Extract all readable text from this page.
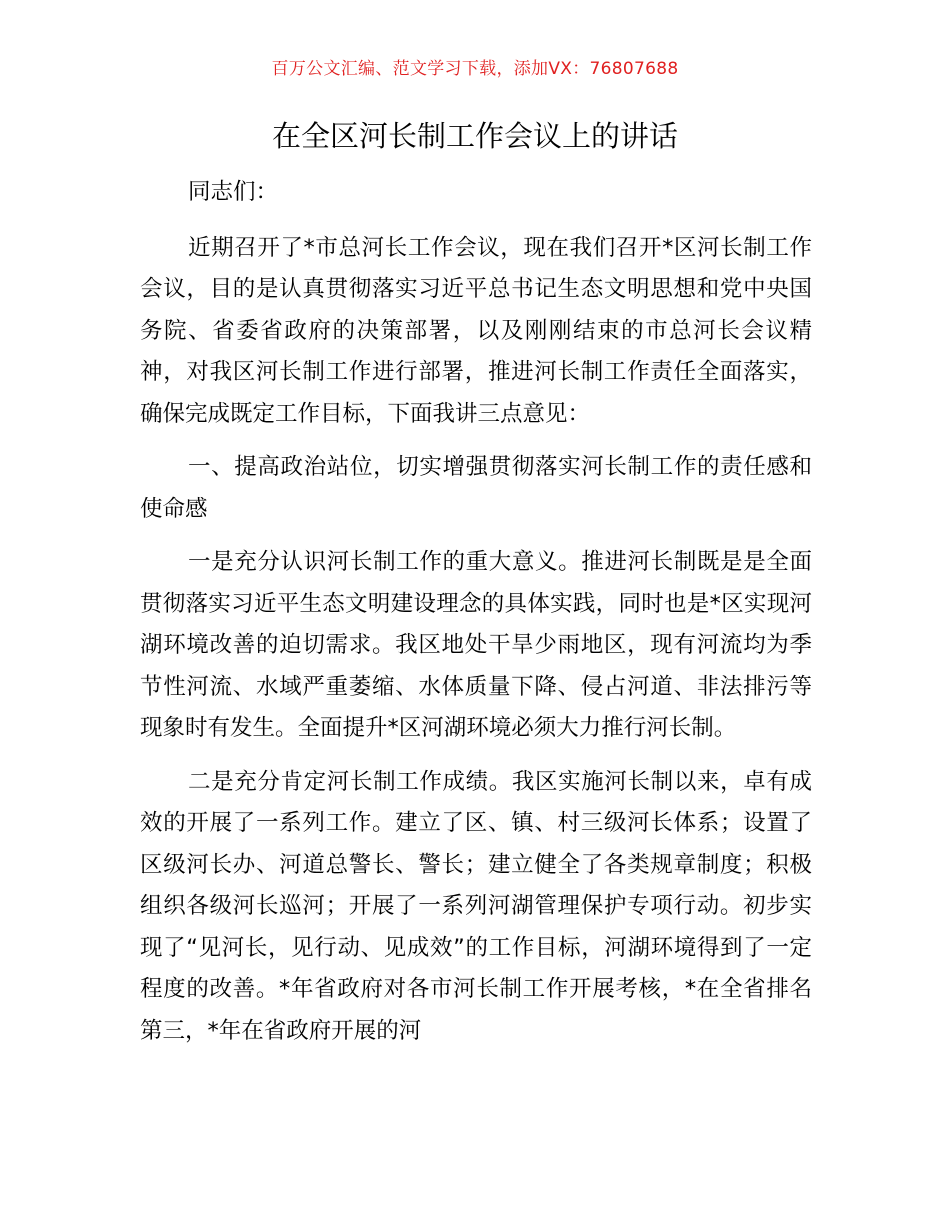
百万公文汇编、范文学习下载，添加VX：76807688
在全区河长制工作会议上的讲话

同志们：

近期召开了*市总河长工作会议，现在我们召开*区河长制工作会议，目的是认真贯彻落实习近平总书记生态文明思想和党中央国务院、省委省政府的决策部署，以及刚刚结束的市总河长会议精神，对我区河长制工作进行部署，推进河长制工作责任全面落实，确保完成既定工作目标，下面我讲三点意见：

一、提高政治站位，切实增强贯彻落实河长制工作的责任感和使命感

一是充分认识河长制工作的重大意义。推进河长制既是是全面贯彻落实习近平生态文明建设理念的具体实践，同时也是*区实现河湖环境改善的迫切需求。我区地处干旱少雨地区，现有河流均为季节性河流、水域严重萎缩、水体质量下降、侵占河道、非法排污等现象时有发生。全面提升*区河湖环境必须大力推行河长制。

二是充分肯定河长制工作成绩。我区实施河长制以来，卓有成效的开展了一系列工作。建立了区、镇、村三级河长体系；设置了区级河长办、河道总警长、警长；建立健全了各类规章制度；积极组织各级河长巡河；开展了一系列河湖管理保护专项行动。初步实现了“见河长，见行动、见成效”的工作目标，河湖环境得到了一定程度的改善。*年省政府对各市河长制工作开展考核，*在全省排名第三，*年在省政府开展的河
